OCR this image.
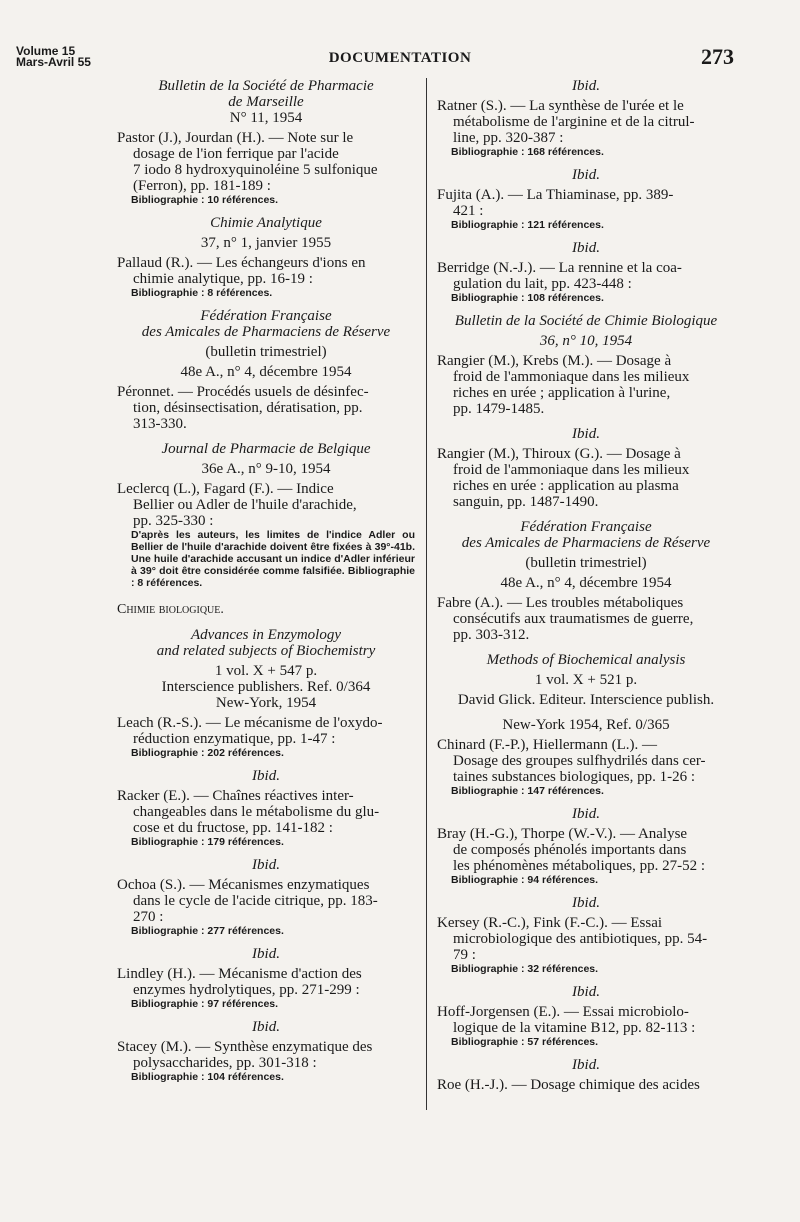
Volume 15
Mars-Avril 55	DOCUMENTATION	273
Bulletin de la Société de Pharmacie
de Marseille
N° 11, 1954
Pastor (J.), Jourdan (H.). — Note sur le
dosage de l'ion ferrique par l'acide
7 iodo 8 hydroxyquinoléine 5 sulfonique
(Ferron), pp. 181-189 :
Bibliographie : 10 références.
Chimie Analytique
37, n° 1, janvier 1955
Pallaud (R.). — Les échangeurs d'ions en
chimie analytique, pp. 16-19 :
Bibliographie : 8 références.
Fédération Française
des Amicales de Pharmaciens de Réserve
(bulletin trimestriel)
48e A., n° 4, décembre 1954
Péronnet. — Procédés usuels de désinfec-
tion, désinsectisation, dératisation, pp.
313-330.
Journal de Pharmacie de Belgique
36e A., n° 9-10, 1954
Leclercq (L.), Fagard (F.). — Indice
Bellier ou Adler de l'huile d'arachide,
pp. 325-330 :
D'après les auteurs, les limites de l'indice Adler ou Bellier de l'huile d'arachide doivent être fixées à 39°-41b. Une huile d'arachide accusant un indice d'Adler inférieur à 39° doit être considérée comme falsifiée. Bibliographie : 8 références.
Chimie biologique.
Advances in Enzymology
and related subjects of Biochemistry
1 vol. X + 547 p.
Interscience publishers. Ref. 0/364
New-York, 1954
Leach (R.-S.). — Le mécanisme de l'oxydo-
réduction enzymatique, pp. 1-47 :
Bibliographie : 202 références.
Ibid.
Racker (E.). — Chaînes réactives inter-
changeables dans le métabolisme du glu-
cose et du fructose, pp. 141-182 :
Bibliographie : 179 références.
Ibid.
Ochoa (S.). — Mécanismes enzymatiques
dans le cycle de l'acide citrique, pp. 183-
270 :
Bibliographie : 277 références.
Ibid.
Lindley (H.). — Mécanisme d'action des
enzymes hydrolytiques, pp. 271-299 :
Bibliographie : 97 références.
Ibid.
Stacey (M.). — Synthèse enzymatique des
polysaccharides, pp. 301-318 :
Bibliographie : 104 références.
Ibid.
Ratner (S.). — La synthèse de l'urée et le
métabolisme de l'arginine et de la citrul-
line, pp. 320-387 :
Bibliographie : 168 références.
Ibid.
Fujita (A.). — La Thiaminase, pp. 389-
421 :
Bibliographie : 121 références.
Ibid.
Berridge (N.-J.). — La rennine et la coa-
gulation du lait, pp. 423-448 :
Bibliographie : 108 références.
Bulletin de la Société de Chimie Biologique
36, n° 10, 1954
Rangier (M.), Krebs (M.). — Dosage à
froid de l'ammoniaque dans les milieux
riches en urée ; application à l'urine,
pp. 1479-1485.
Ibid.
Rangier (M.), Thiroux (G.). — Dosage à
froid de l'ammoniaque dans les milieux
riches en urée : application au plasma
sanguin, pp. 1487-1490.
Fédération Française
des Amicales de Pharmaciens de Réserve
(bulletin trimestriel)
48e A., n° 4, décembre 1954
Fabre (A.). — Les troubles métaboliques
consécutifs aux traumatismes de guerre,
pp. 303-312.
Methods of Biochemical analysis
1 vol. X + 521 p.
David Glick. Editeur. Interscience publish.
New-York 1954, Ref. 0/365
Chinard (F.-P.), Hiellermann (L.). —
Dosage des groupes sulfhydrilés dans cer-
taines substances biologiques, pp. 1-26 :
Bibliographie : 147 références.
Ibid.
Bray (H.-G.), Thorpe (W.-V.). — Analyse
de composés phénolés importants dans
les phénomènes métaboliques, pp. 27-52 :
Bibliographie : 94 références.
Ibid.
Kersey (R.-C.), Fink (F.-C.). — Essai
microbiologique des antibiotiques, pp. 54-
79 :
Bibliographie : 32 références.
Ibid.
Hoff-Jorgensen (E.). — Essai microbiolo-
logique de la vitamine B12, pp. 82-113 :
Bibliographie : 57 références.
Ibid.
Roe (H.-J.). — Dosage chimique des acides
